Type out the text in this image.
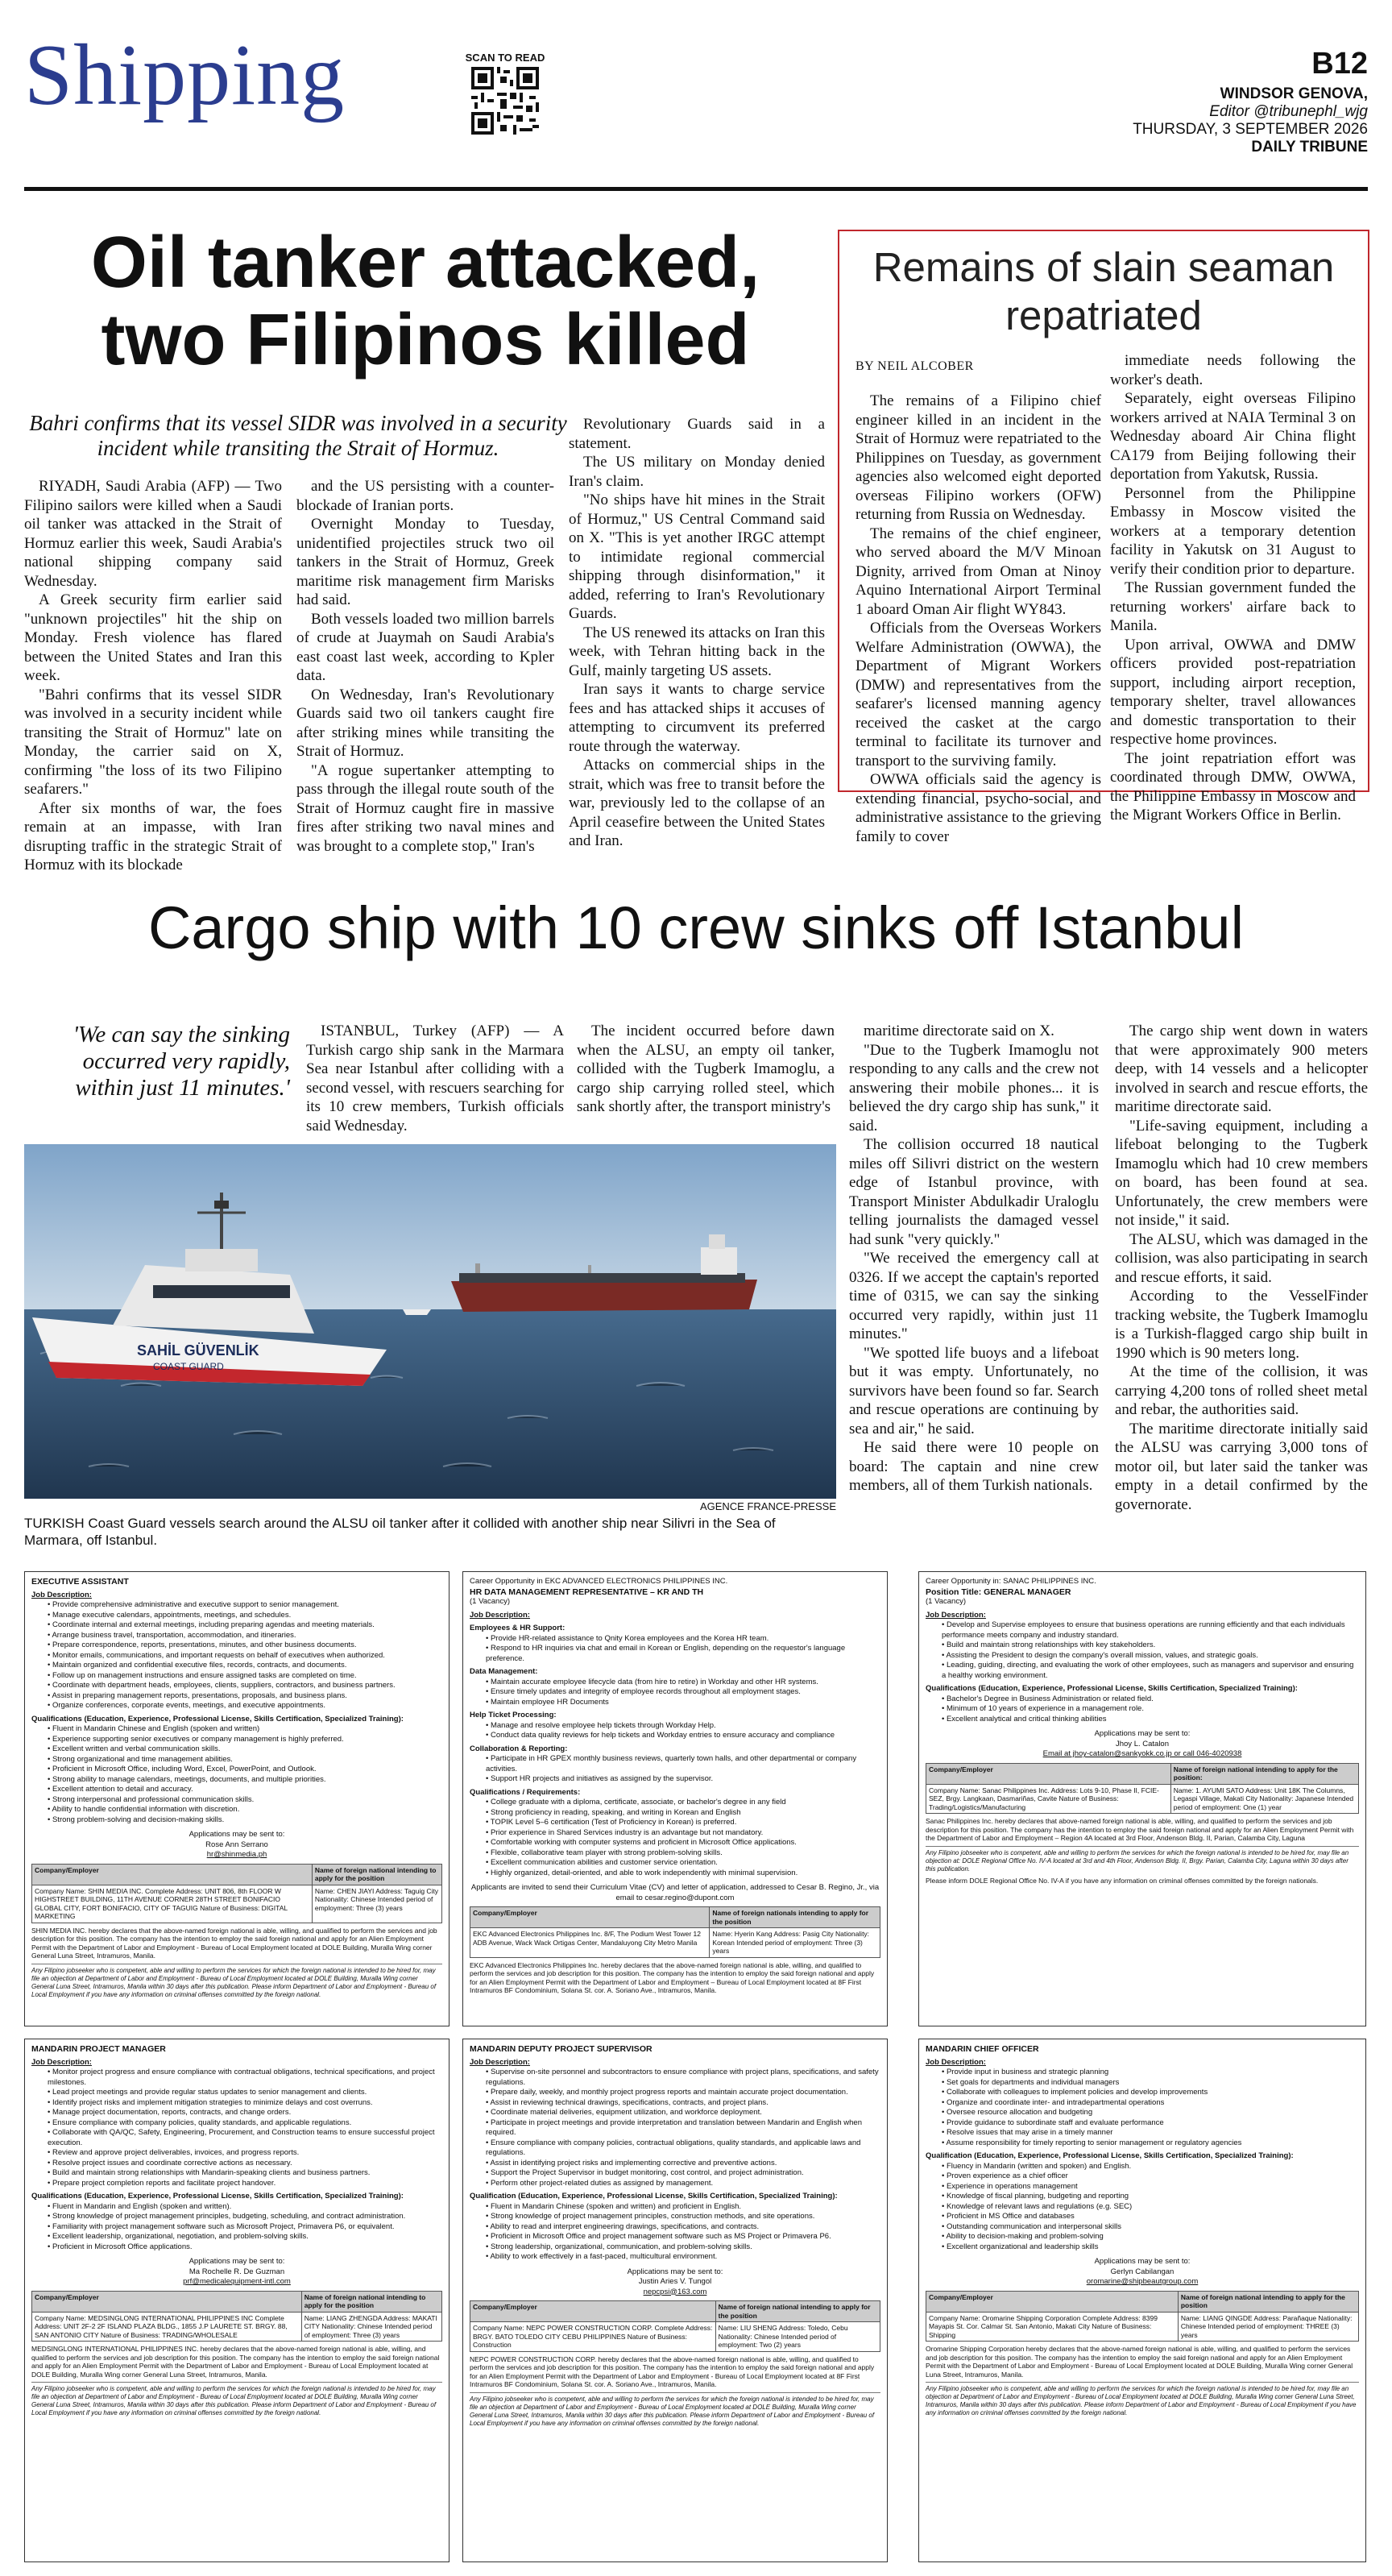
Shipping	SCAN TO READ	B12
WINDSOR GENOVA,
Editor @tribunephl_wjg
THURSDAY, 3 SEPTEMBER 2026
DAILY TRIBUNE
Oil tanker attacked, two Filipinos killed
Bahri confirms that its vessel SIDR was involved in a security incident while transiting the Strait of Hormuz.

RIYADH, Saudi Arabia (AFP) — Two Filipino sailors were killed when a Saudi oil tanker was attacked in the Strait of Hormuz earlier this week, Saudi Arabia's national shipping company said Wednesday.

A Greek security firm earlier said "unknown projectiles" hit the ship on Monday. Fresh violence has flared between the United States and Iran this week.

"Bahri confirms that its vessel SIDR was involved in a security incident while transiting the Strait of Hormuz" late on Monday, the carrier said on X, confirming "the loss of its two Filipino seafarers."

After six months of war, the foes remain at an impasse, with Iran disrupting traffic in the strategic Strait of Hormuz with its blockade

and the US persisting with a counter-blockade of Iranian ports.

Overnight Monday to Tuesday, unidentified projectiles struck two oil tankers in the Strait of Hormuz, Greek maritime risk management firm Marisks had said.

Both vessels loaded two million barrels of crude at Juaymah on Saudi Arabia's east coast last week, according to Kpler data.

On Wednesday, Iran's Revolutionary Guards said two oil tankers caught fire after striking mines while transiting the Strait of Hormuz.

"A rogue supertanker attempting to pass through the illegal route south of the Strait of Hormuz caught fire in massive fires after striking two naval mines and was brought to a complete stop," Iran's

Revolutionary Guards said in a statement.

The US military on Monday denied Iran's claim.

"No ships have hit mines in the Strait of Hormuz," US Central Command said on X. "This is yet another IRGC attempt to intimidate regional commercial shipping through disinformation," it added, referring to Iran's Revolutionary Guards.

The US renewed its attacks on Iran this week, with Tehran hitting back in the Gulf, mainly targeting US assets.

Iran says it wants to charge service fees and has attacked ships it accuses of attempting to circumvent its preferred route through the waterway.

Attacks on commercial ships in the strait, which was free to transit before the war, previously led to the collapse of an April ceasefire between the United States and Iran.

Remains of slain seaman repatriated
BY NEIL ALCOBER

The remains of a Filipino chief engineer killed in an incident in the Strait of Hormuz were repatriated to the Philippines on Tuesday, as government agencies also welcomed eight deported overseas Filipino workers (OFW) returning from Russia on Wednesday.

The remains of the chief engineer, who served aboard the M/V Minoan Dignity, arrived from Oman at Ninoy Aquino International Airport Terminal 1 aboard Oman Air flight WY843.

Officials from the Overseas Workers Welfare Administration (OWWA), the Department of Migrant Workers (DMW) and representatives from the seafarer's licensed manning agency received the casket at the cargo terminal to facilitate its turnover and transport to the surviving family.

OWWA officials said the agency is extending financial, psycho-social, and administrative assistance to the grieving family to cover

immediate needs following the worker's death.

Separately, eight overseas Filipino workers arrived at NAIA Terminal 3 on Wednesday aboard Air China flight CA179 from Beijing following their deportation from Yakutsk, Russia.

Personnel from the Philippine Embassy in Moscow visited the workers at a temporary detention facility in Yakutsk on 31 August to verify their condition prior to departure.

The Russian government funded the returning workers' airfare back to Manila.

Upon arrival, OWWA and DMW officers provided post-repatriation support, including airport reception, temporary shelter, travel allowances and domestic transportation to their respective home provinces.

The joint repatriation effort was coordinated through DMW, OWWA, the Philippine Embassy in Moscow and the Migrant Workers Office in Berlin.

Cargo ship with 10 crew sinks off Istanbul
'We can say the sinking occurred very rapidly, within just 11 minutes.'

ISTANBUL, Turkey (AFP) — A Turkish cargo ship sank in the Marmara Sea near Istanbul after colliding with a second vessel, with rescuers searching for its 10 crew members, Turkish officials said Wednesday.

The incident occurred before dawn when the ALSU, an empty oil tanker, collided with the Tugberk Imamoglu, a cargo ship carrying rolled steel, which sank shortly after, the transport ministry's

maritime directorate said on X.

"Due to the Tugberk Imamoglu not responding to any calls and the crew not answering their mobile phones... it is believed the dry cargo ship has sunk," it said.

The collision occurred 18 nautical miles off Silivri district on the western edge of Istanbul province, with Transport Minister Abdulkadir Uraloglu telling journalists the damaged vessel had sunk "very quickly."

"We received the emergency call at 0326. If we accept the captain's reported time of 0315, we can say the sinking occurred very rapidly, within just 11 minutes."

"We spotted life buoys and a lifeboat but it was empty. Unfortunately, no survivors have been found so far. Search and rescue operations are continuing by sea and air," he said.

He said there were 10 people on board: The captain and nine crew members, all of them Turkish nationals.

The cargo ship went down in waters that were approximately 900 meters deep, with 14 vessels and a helicopter involved in search and rescue efforts, the maritime directorate said.

"Life-saving equipment, including a lifeboat belonging to the Tugberk Imamoglu which had 10 crew members on board, has been found at sea. Unfortunately, the crew members were not inside," it said.

The ALSU, which was damaged in the collision, was also participating in search and rescue efforts, it said.

According to the VesselFinder tracking website, the Tugberk Imamoglu is a Turkish-flagged cargo ship built in 1990 which is 90 meters long.

At the time of the collision, it was carrying 4,200 tons of rolled sheet metal and rebar, the authorities said.

The maritime directorate initially said the ALSU was carrying 3,000 tons of motor oil, but later said the tanker was empty in a detail confirmed by the governorate.

SAHİL GÜVENLİK
COAST GUARD
AGENCE FRANCE-PRESSE
TURKISH Coast Guard vessels search around the ALSU oil tanker after it collided with another ship near Silivri in the Sea of Marmara, off Istanbul.
EXECUTIVE ASSISTANT
Job Description:
• Provide comprehensive administrative and executive support to senior management.
• Manage executive calendars, appointments, meetings, and schedules.
• Coordinate internal and external meetings, including preparing agendas and meeting materials.
• Arrange business travel, transportation, accommodation, and itineraries.
• Prepare correspondence, reports, presentations, minutes, and other business documents.
• Monitor emails, communications, and important requests on behalf of executives when authorized.
• Maintain organized and confidential executive files, records, contracts, and documents.
• Follow up on management instructions and ensure assigned tasks are completed on time.
• Coordinate with department heads, employees, clients, suppliers, contractors, and business partners.
• Assist in preparing management reports, presentations, proposals, and business plans.
• Organize conferences, corporate events, meetings, and executive appointments.
Qualifications (Education, Experience, Professional License, Skills Certification, Specialized Training):
• Fluent in Mandarin Chinese and English (spoken and written)
• Experience supporting senior executives or company management is highly preferred.
• Excellent written and verbal communication skills.
• Strong organizational and time management abilities.
• Proficient in Microsoft Office, including Word, Excel, PowerPoint, and Outlook.
• Strong ability to manage calendars, meetings, documents, and multiple priorities.
• Excellent attention to detail and accuracy.
• Strong interpersonal and professional communication skills.
• Ability to handle confidential information with discretion.
• Strong problem-solving and decision-making skills.
Applications may be sent to:
Rose Ann Serrano
hr@shinmedia.ph
Company/Employer	Name of foreign national intending to apply for the position
Company Name: SHIN MEDIA INC. Complete Address: UNIT 806, 8th FLOOR W HIGHSTREET BUILDING, 11TH AVENUE CORNER 28TH STREET BONIFACIO GLOBAL CITY, FORT BONIFACIO, CITY OF TAGUIG Nature of Business: DIGITAL MARKETING	Name: CHEN JIAYI Address: Taguig City Nationality: Chinese Intended period of employment: Three (3) years
SHIN MEDIA INC. hereby declares that the above-named foreign national is able, willing, and qualified to perform the services and job description for this position. The company has the intention to employ the said foreign national and apply for an Alien Employment Permit with the Department of Labor and Employment - Bureau of Local Employment located at DOLE Building, Muralla Wing corner General Luna Street, Intramuros, Manila.
Any Filipino jobseeker who is competent, able and willing to perform the services for which the foreign national is intended to be hired for, may file an objection at Department of Labor and Employment - Bureau of Local Employment located at DOLE Building, Muralla Wing corner General Luna Street, Intramuros, Manila within 30 days after this publication. Please inform Department of Labor and Employment - Bureau of Local Employment if you have any information on criminal offenses committed by the foreign national.
Career Opportunity in EKC ADVANCED ELECTRONICS PHILIPPINES INC.
HR DATA MANAGEMENT REPRESENTATIVE – KR AND TH
(1 Vacancy)
Job Description:
Employees & HR Support:
• Provide HR-related assistance to Qnity Korea employees and the Korea HR team.
• Respond to HR inquiries via chat and email in Korean or English, depending on the requestor's language preference.
Data Management:
• Maintain accurate employee lifecycle data (from hire to retire) in Workday and other HR systems.
• Ensure timely updates and integrity of employee records throughout all employment stages.
• Maintain employee HR Documents
Help Ticket Processing:
• Manage and resolve employee help tickets through Workday Help.
• Conduct data quality reviews for help tickets and Workday entries to ensure accuracy and compliance
Collaboration & Reporting:
• Participate in HR GPEX monthly business reviews, quarterly town halls, and other departmental or company activities.
• Support HR projects and initiatives as assigned by the supervisor.
Qualifications / Requirements:
• College graduate with a diploma, certificate, associate, or bachelor's degree in any field
• Strong proficiency in reading, speaking, and writing in Korean and English
• TOPIK Level 5–6 certification (Test of Proficiency in Korean) is preferred.
• Prior experience in Shared Services industry is an advantage but not mandatory.
• Comfortable working with computer systems and proficient in Microsoft Office applications.
• Flexible, collaborative team player with strong problem-solving skills.
• Excellent communication abilities and customer service orientation.
• Highly organized, detail-oriented, and able to work independently with minimal supervision.
Applicants are invited to send their Curriculum Vitae (CV) and letter of application, addressed to Cesar B. Regino, Jr., via email to cesar.regino@dupont.com
Company/Employer	Name of foreign nationals intending to apply for the position
EKC Advanced Electronics Philippines Inc. 8/F, The Podium West Tower 12 ADB Avenue, Wack Wack Ortigas Center, Mandaluyong City Metro Manila	Name: Hyerin Kang Address: Pasig City Nationality: Korean Intended period of employment: Three (3) years
EKC Advanced Electronics Philippines Inc. hereby declares that the above-named foreign national is able, willing, and qualified to perform the services and job description for this position. The company has the intention to employ the said foreign national and apply for an Alien Employment Permit with the Department of Labor and Employment – Bureau of Local Employment located at 8F First Intramuros BF Condominium, Solana St. cor. A. Soriano Ave., Intramuros, Manila.
Career Opportunity in: SANAC PHILIPPINES INC.
Position Title: GENERAL MANAGER
(1 Vacancy)
Job Description:
• Develop and Supervise employees to ensure that business operations are running efficiently and that each individuals performance meets company and industry standard.
• Build and maintain strong relationships with key stakeholders.
• Assisting the President to design the company's overall mission, values, and strategic goals.
• Leading, guiding, directing, and evaluating the work of other employees, such as managers and supervisor and ensuring a healthy working environment.
Qualifications (Education, Experience, Professional License, Skills Certification, Specialized Training):
• Bachelor's Degree in Business Administration or related field.
• Minimum of 10 years of experience in a management role.
• Excellent analytical and critical thinking abilities
Applications may be sent to:
Jhoy L. Catalon
Email at jhoy-catalon@sankyokk.co.jp or call 046-4020938
Company/Employer	Name of foreign national intending to apply for the position:
Company Name: Sanac Philippines Inc. Address: Lots 9-10, Phase II, FCIE-SEZ, Brgy. Langkaan, Dasmariñas, Cavite Nature of Business: Trading/Logistics/Manufacturing	Name: 1. AYUMI SATO Address: Unit 18K The Columns, Legaspi Village, Makati City Nationality: Japanese Intended period of employment: One (1) year
Sanac Philippines Inc. hereby declares that above-named foreign national is able, willing, and qualified to perform the services and job description for this position. The company has the intention to employ the said foreign national and apply for an Alien Employment Permit with the Department of Labor and Employment – Region 4A located at 3rd Floor, Andenson Bldg. II, Parian, Calamba City, Laguna
Any Filipino jobseeker who is competent, able and willing to perform the services for which the foreign national is intended to be hired for, may file an objection at: DOLE Regional Office No. IV-A located at 3rd and 4th Floor, Andenson Bldg. II, Brgy. Parian, Calamba City, Laguna within 30 days after this publication.
Please inform DOLE Regional Office No. IV-A if you have any information on criminal offenses committed by the foreign nationals.
MANDARIN PROJECT MANAGER
Job Description:
• Monitor project progress and ensure compliance with contractual obligations, technical specifications, and project milestones.
• Lead project meetings and provide regular status updates to senior management and clients.
• Identify project risks and implement mitigation strategies to minimize delays and cost overruns.
• Manage project documentation, reports, contracts, and change orders.
• Ensure compliance with company policies, quality standards, and applicable regulations.
• Collaborate with QA/QC, Safety, Engineering, Procurement, and Construction teams to ensure successful project execution.
• Review and approve project deliverables, invoices, and progress reports.
• Resolve project issues and coordinate corrective actions as necessary.
• Build and maintain strong relationships with Mandarin-speaking clients and business partners.
• Prepare project completion reports and facilitate project handover.
Qualifications (Education, Experience, Professional License, Skills Certification, Specialized Training):
• Fluent in Mandarin and English (spoken and written).
• Strong knowledge of project management principles, budgeting, scheduling, and contract administration.
• Familiarity with project management software such as Microsoft Project, Primavera P6, or equivalent.
• Excellent leadership, organizational, negotiation, and problem-solving skills.
• Proficient in Microsoft Office applications.
Applications may be sent to:
Ma Rochelle R. De Guzman
prf@medicalequipment-intl.com
Company/Employer	Name of foreign national intending to apply for the position
Company Name: MEDSINGLONG INTERNATIONAL PHILIPPINES INC Complete Address: UNIT 2F-2 2F ISLAND PLAZA BLDG., 1855 J.P LAURETE ST. BRGY. 88, SAN ANTONIO CITY Nature of Business: TRADING/WHOLESALE	Name: LIANG ZHENGDA Address: MAKATI CITY Nationality: Chinese Intended period of employment: Three (3) years
MEDSINGLONG INTERNATIONAL PHILIPPINES INC. hereby declares that the above-named foreign national is able, willing, and qualified to perform the services and job description for this position. The company has the intention to employ the said foreign national and apply for an Alien Employment Permit with the Department of Labor and Employment - Bureau of Local Employment located at DOLE Building, Muralla Wing corner General Luna Street, Intramuros, Manila.
Any Filipino jobseeker who is competent, able and willing to perform the services for which the foreign national is intended to be hired for, may file an objection at Department of Labor and Employment - Bureau of Local Employment located at DOLE Building, Muralla Wing corner General Luna Street, Intramuros, Manila within 30 days after this publication. Please inform Department of Labor and Employment - Bureau of Local Employment if you have any information on criminal offenses committed by the foreign national.
MANDARIN DEPUTY PROJECT SUPERVISOR
Job Description:
• Supervise on-site personnel and subcontractors to ensure compliance with project plans, specifications, and safety regulations.
• Prepare daily, weekly, and monthly project progress reports and maintain accurate project documentation.
• Assist in reviewing technical drawings, specifications, contracts, and project plans.
• Coordinate material deliveries, equipment utilization, and workforce deployment.
• Participate in project meetings and provide interpretation and translation between Mandarin and English when required.
• Ensure compliance with company policies, contractual obligations, quality standards, and applicable laws and regulations.
• Assist in identifying project risks and implementing corrective and preventive actions.
• Support the Project Supervisor in budget monitoring, cost control, and project administration.
• Perform other project-related duties as assigned by management.
Qualification (Education, Experience, Professional License, Skills Certification, Specialized Training):
• Fluent in Mandarin Chinese (spoken and written) and proficient in English.
• Strong knowledge of project management principles, construction methods, and site operations.
• Ability to read and interpret engineering drawings, specifications, and contracts.
• Proficient in Microsoft Office and project management software such as MS Project or Primavera P6.
• Strong leadership, organizational, communication, and problem-solving skills.
• Ability to work effectively in a fast-paced, multicultural environment.
Applications may be sent to:
Justin Aries V. Tungol
nepcpsi@163.com
Company/Employer	Name of foreign national intending to apply for the position
Company Name: NEPC POWER CONSTRUCTION CORP. Complete Address: BRGY. BATO TOLEDO CITY CEBU PHILIPPINES Nature of Business: Construction	Name: LIU SHENG Address: Toledo, Cebu Nationality: Chinese Intended period of employment: Two (2) years
NEPC POWER CONSTRUCTION CORP. hereby declares that the above-named foreign national is able, willing, and qualified to perform the services and job description for this position. The company has the intention to employ the said foreign national and apply for an Alien Employment Permit with the Department of Labor and Employment - Bureau of Local Employment located at 8F First Intramuros BF Condominium, Solana St. cor. A. Soriano Ave., Intramuros, Manila.
Any Filipino jobseeker who is competent, able and willing to perform the services for which the foreign national is intended to be hired for, may file an objection at Department of Labor and Employment - Bureau of Local Employment located at DOLE Building, Muralla Wing corner General Luna Street, Intramuros, Manila within 30 days after this publication. Please inform Department of Labor and Employment - Bureau of Local Employment if you have any information on criminal offenses committed by the foreign national.
MANDARIN CHIEF OFFICER
Job Description:
• Provide input in business and strategic planning
• Set goals for departments and individual managers
• Collaborate with colleagues to implement policies and develop improvements
• Organize and coordinate inter- and intradepartmental operations
• Oversee resource allocation and budgeting
• Provide guidance to subordinate staff and evaluate performance
• Resolve issues that may arise in a timely manner
• Assume responsibility for timely reporting to senior management or regulatory agencies
Qualification (Education, Experience, Professional License, Skills Certification, Specialized Training):
• Fluency in Mandarin (written and spoken) and English.
• Proven experience as a chief officer
• Experience in operations management
• Knowledge of fiscal planning, budgeting and reporting
• Knowledge of relevant laws and regulations (e.g. SEC)
• Proficient in MS Office and databases
• Outstanding communication and interpersonal skills
• Ability to decision-making and problem-solving
• Excellent organizational and leadership skills
Applications may be sent to:
Gerlyn Cabilangan
oromarine@shipbeautgroup.com
Company/Employer	Name of foreign national intending to apply for the position
Company Name: Oromarine Shipping Corporation Complete Address: 8399 Mayapis St. Cor. Calmar St. San Antonio, Makati City Nature of Business: Shipping	Name: LIANG QINGDE Address: Parañaque Nationality: Chinese Intended period of employment: THREE (3) years
Oromarine Shipping Corporation hereby declares that the above-named foreign national is able, willing, and qualified to perform the services and job description for this position. The company has the intention to employ the said foreign national and apply for an Alien Employment Permit with the Department of Labor and Employment - Bureau of Local Employment located at DOLE Building, Muralla Wing corner General Luna Street, Intramuros, Manila.
Any Filipino jobseeker who is competent, able and willing to perform the services for which the foreign national is intended to be hired for, may file an objection at Department of Labor and Employment - Bureau of Local Employment located at DOLE Building, Muralla Wing corner General Luna Street, Intramuros, Manila within 30 days after this publication. Please inform Department of Labor and Employment - Bureau of Local Employment if you have any information on criminal offenses committed by the foreign national.
